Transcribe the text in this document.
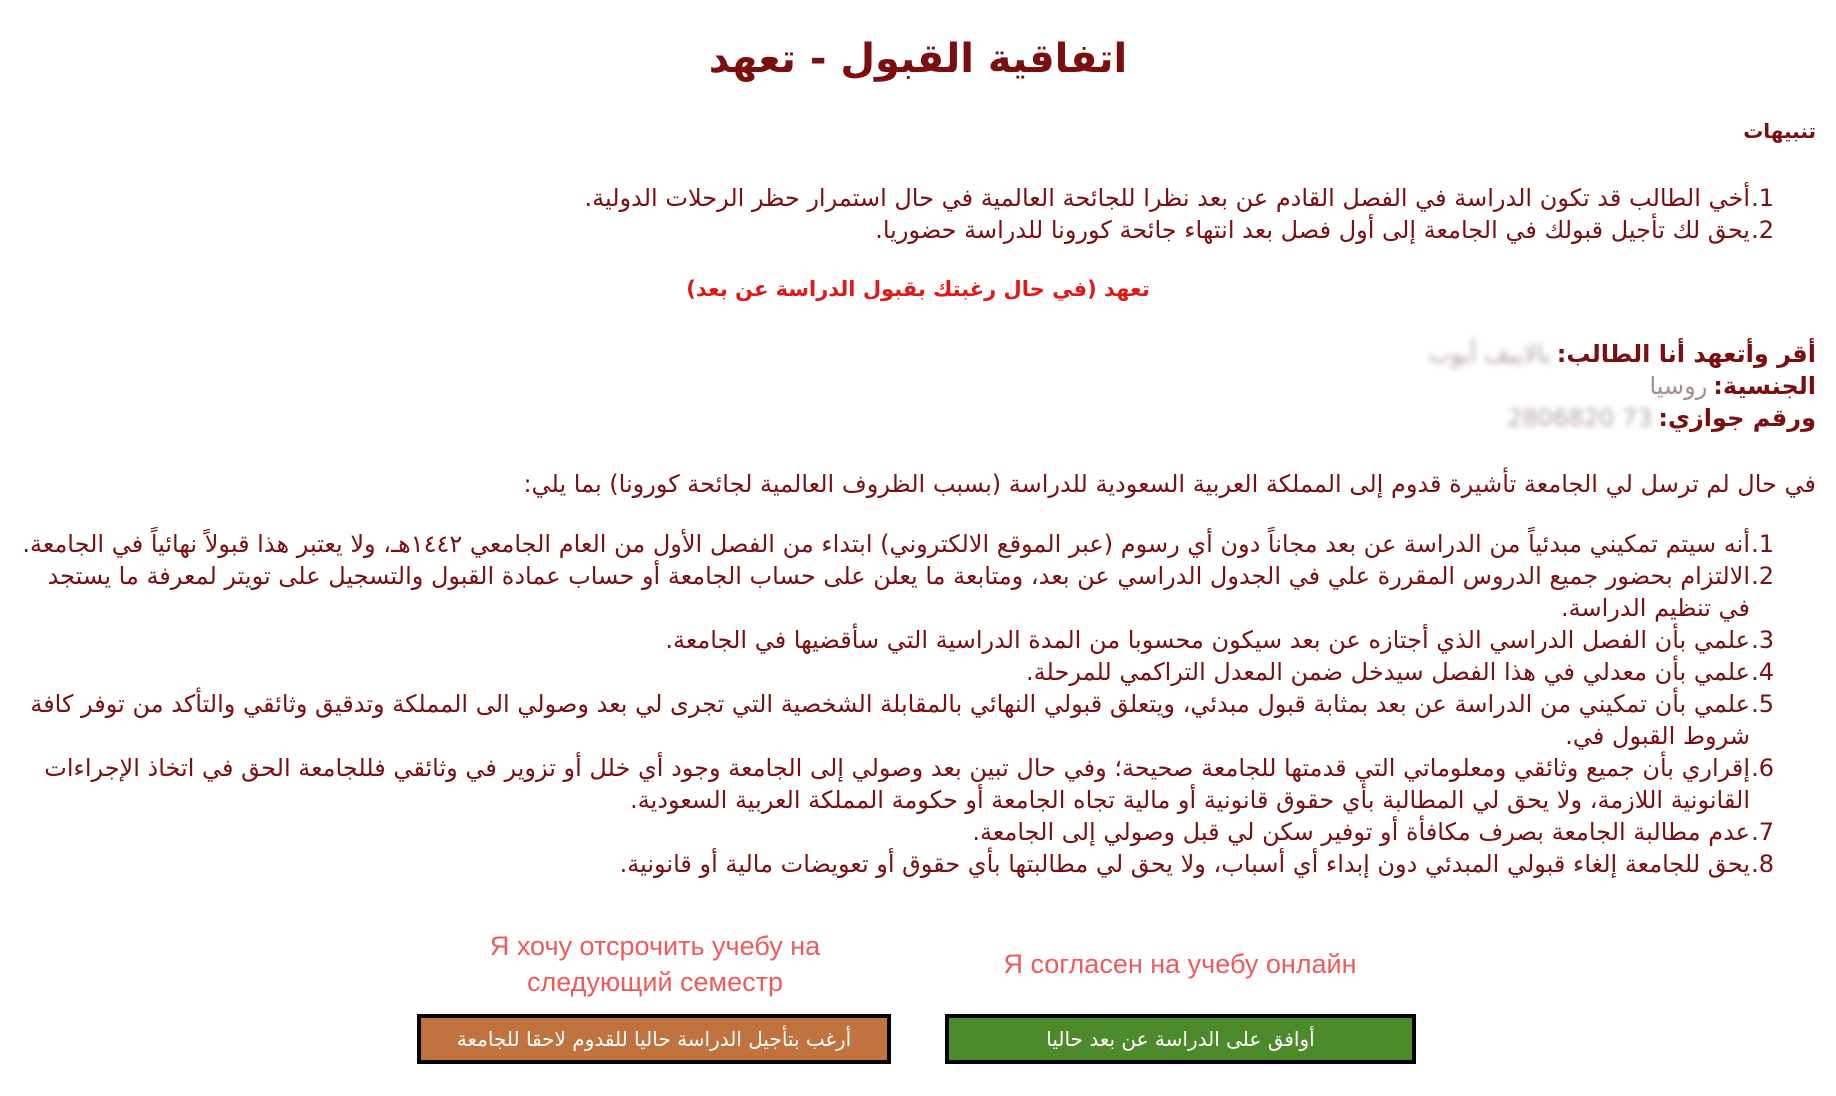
اتفاقية القبول - تعهد
تنبيهات
1.
أخي الطالب قد تكون الدراسة في الفصل القادم عن بعد نظرا للجائحة العالمية في حال استمرار حظر الرحلات الدولية.
2.
يحق لك تأجيل قبولك في الجامعة إلى أول فصل بعد انتهاء جائحة كورونا للدراسة حضوريا.
تعهد (في حال رغبتك بقبول الدراسة عن بعد)
أقر وأتعهد أنا الطالب:بالاييف أيوب
الجنسية:روسيا
ورقم جوازي:73 2806820
في حال لم ترسل لي الجامعة تأشيرة قدوم إلى المملكة العربية السعودية للدراسة (بسبب الظروف العالمية لجائحة كورونا) بما يلي:
1.
أنه سيتم تمكيني مبدئياً من الدراسة عن بعد مجاناً دون أي رسوم (عبر الموقع الالكتروني) ابتداء من الفصل الأول من العام الجامعي ١٤٤٢هـ، ولا يعتبر هذا قبولاً نهائياً في الجامعة.
2.
الالتزام بحضور جميع الدروس المقررة علي في الجدول الدراسي عن بعد، ومتابعة ما يعلن على حساب الجامعة أو حساب عمادة القبول والتسجيل على تويتر لمعرفة ما يستجد في تنظيم الدراسة.
3.
علمي بأن الفصل الدراسي الذي أجتازه عن بعد سيكون محسوبا من المدة الدراسية التي سأقضيها في الجامعة.
4.
علمي بأن معدلي في هذا الفصل سيدخل ضمن المعدل التراكمي للمرحلة.
5.
علمي بأن تمكيني من الدراسة عن بعد بمثابة قبول مبدئي، ويتعلق قبولي النهائي بالمقابلة الشخصية التي تجرى لي بعد وصولي الى المملكة وتدقيق وثائقي والتأكد من توفر كافة شروط القبول في.
6.
إقراري بأن جميع وثائقي ومعلوماتي التي قدمتها للجامعة صحيحة؛ وفي حال تبين بعد وصولي إلى الجامعة وجود أي خلل أو تزوير في وثائقي فللجامعة الحق في اتخاذ الإجراءات القانونية اللازمة، ولا يحق لي المطالبة بأي حقوق قانونية أو مالية تجاه الجامعة أو حكومة المملكة العربية السعودية.
7.
عدم مطالبة الجامعة بصرف مكافأة أو توفير سكن لي قبل وصولي إلى الجامعة.
8.
يحق للجامعة إلغاء قبولي المبدئي دون إبداء أي أسباب، ولا يحق لي مطالبتها بأي حقوق أو تعويضات مالية أو قانونية.
Я хочу отсрочить учебу на следующий семестр
Я согласен на учебу онлайн
أرغب بتأجيل الدراسة حاليا للقدوم لاحقا للجامعة	أوافق على الدراسة عن بعد حاليا
